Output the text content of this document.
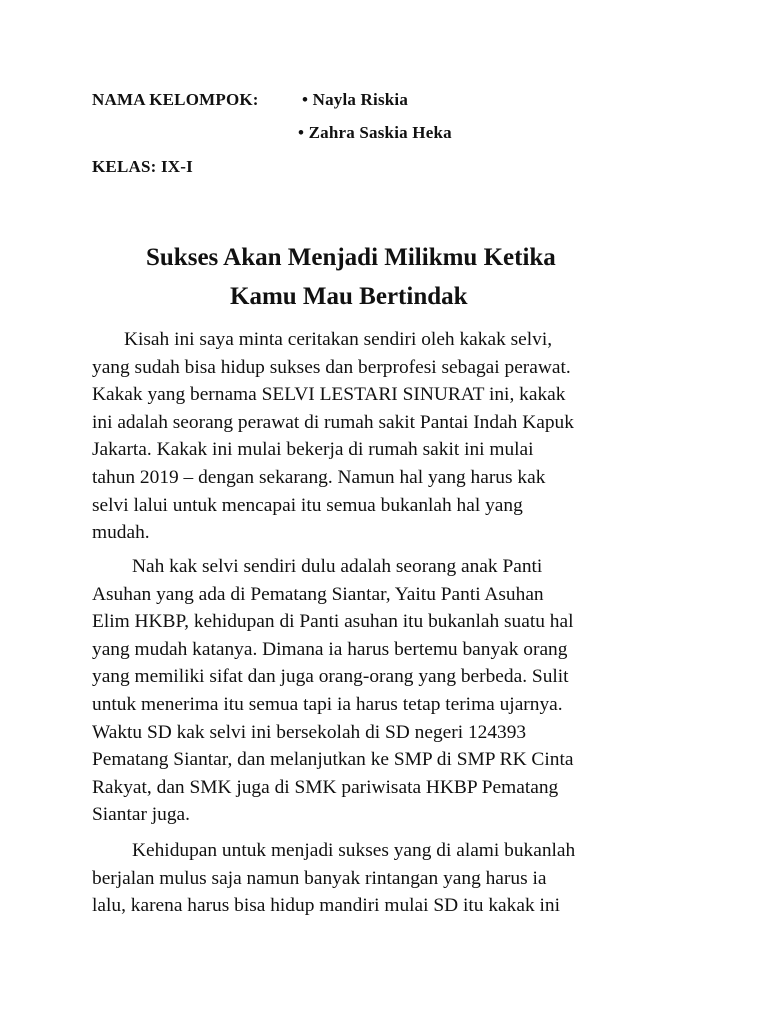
NAMA KELOMPOK:	• Nayla Riskia
• Zahra Saskia Heka
KELAS: IX-I
Sukses Akan Menjadi Milikmu Ketika
Kamu Mau Bertindak
Kisah ini saya minta ceritakan sendiri oleh kakak selvi,
yang sudah bisa hidup sukses dan berprofesi sebagai perawat.
Kakak yang bernama SELVI LESTARI SINURAT ini, kakak
ini adalah seorang perawat di rumah sakit Pantai Indah Kapuk
Jakarta. Kakak ini mulai bekerja di rumah sakit ini mulai
tahun 2019 – dengan sekarang. Namun hal yang harus kak
selvi lalui untuk mencapai itu semua bukanlah hal yang
mudah.
Nah kak selvi sendiri dulu adalah seorang anak Panti
Asuhan yang ada di Pematang Siantar, Yaitu Panti Asuhan
Elim HKBP, kehidupan di Panti asuhan itu bukanlah suatu hal
yang mudah katanya. Dimana ia harus bertemu banyak orang
yang memiliki sifat dan juga orang-orang yang berbeda. Sulit
untuk menerima itu semua tapi ia harus tetap terima ujarnya.
Waktu SD kak selvi ini bersekolah di SD negeri 124393
Pematang Siantar, dan melanjutkan ke SMP di SMP RK Cinta
Rakyat, dan SMK juga di SMK pariwisata HKBP Pematang
Siantar juga.
Kehidupan untuk menjadi sukses yang di alami bukanlah
berjalan mulus saja namun banyak rintangan yang harus ia
lalu, karena harus bisa hidup mandiri mulai SD itu kakak ini
